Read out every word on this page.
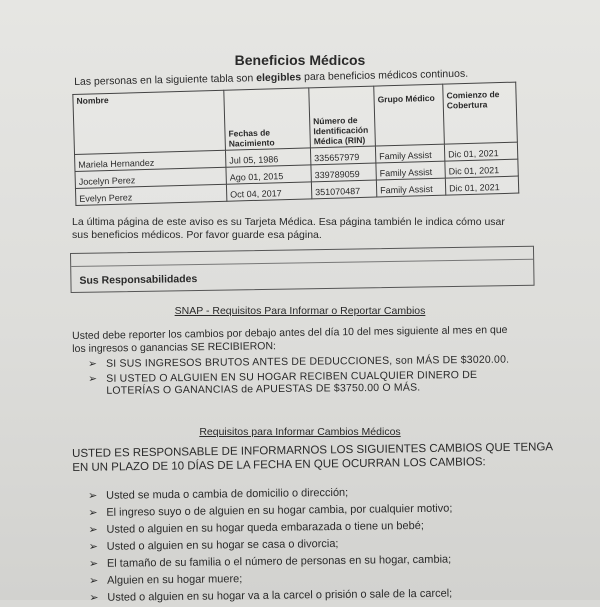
Beneficios Médicos
Las personas en la siguiente tabla son elegibles para beneficios médicos continuos.
Nombre	Fechas de Nacimiento	Número de Identificación Médica (RIN)	Grupo Médico	Comienzo de Cobertura
Mariela Hernandez	Jul 05, 1986	335657979	Family Assist	Dic 01, 2021
Jocelyn Perez	Ago 01, 2015	339789059	Family Assist	Dic 01, 2021
Evelyn Perez	Oct 04, 2017	351070487	Family Assist	Dic 01, 2021
La última página de este aviso es su Tarjeta Médica. Esa página también le indica cómo usar
sus beneficios médicos. Por favor guarde esa página.
Sus Responsabilidades
SNAP - Requisitos Para Informar o Reportar Cambios
Usted debe reporter los cambios por debajo antes del día 10 del mes siguiente al mes en que
los ingresos o ganancias SE RECIBIERON:
➢ SI SUS INGRESOS BRUTOS ANTES DE DEDUCCIONES, son MÁS DE $3020.00.
➢ SI USTED O ALGUIEN EN SU HOGAR RECIBEN CUALQUIER DINERO DE
LOTERÍAS O GANANCIAS de APUESTAS DE $3750.00 O MÁS.
Requisitos para Informar Cambios Médicos
USTED ES RESPONSABLE DE INFORMARNOS LOS SIGUIENTES CAMBIOS QUE TENGA
EN UN PLAZO DE 10 DÍAS DE LA FECHA EN QUE OCURRAN LOS CAMBIOS:
➢ Usted se muda o cambia de domicilio o dirección;
➢ El ingreso suyo o de alguien en su hogar cambia, por cualquier motivo;
➢ Usted o alguien en su hogar queda embarazada o tiene un bebé;
➢ Usted o alguien en su hogar se casa o divorcia;
➢ El tamaño de su familia o el número de personas en su hogar, cambia;
➢ Alguien en su hogar muere;
➢ Usted o alguien en su hogar va a la carcel o prisión o sale de la carcel;
